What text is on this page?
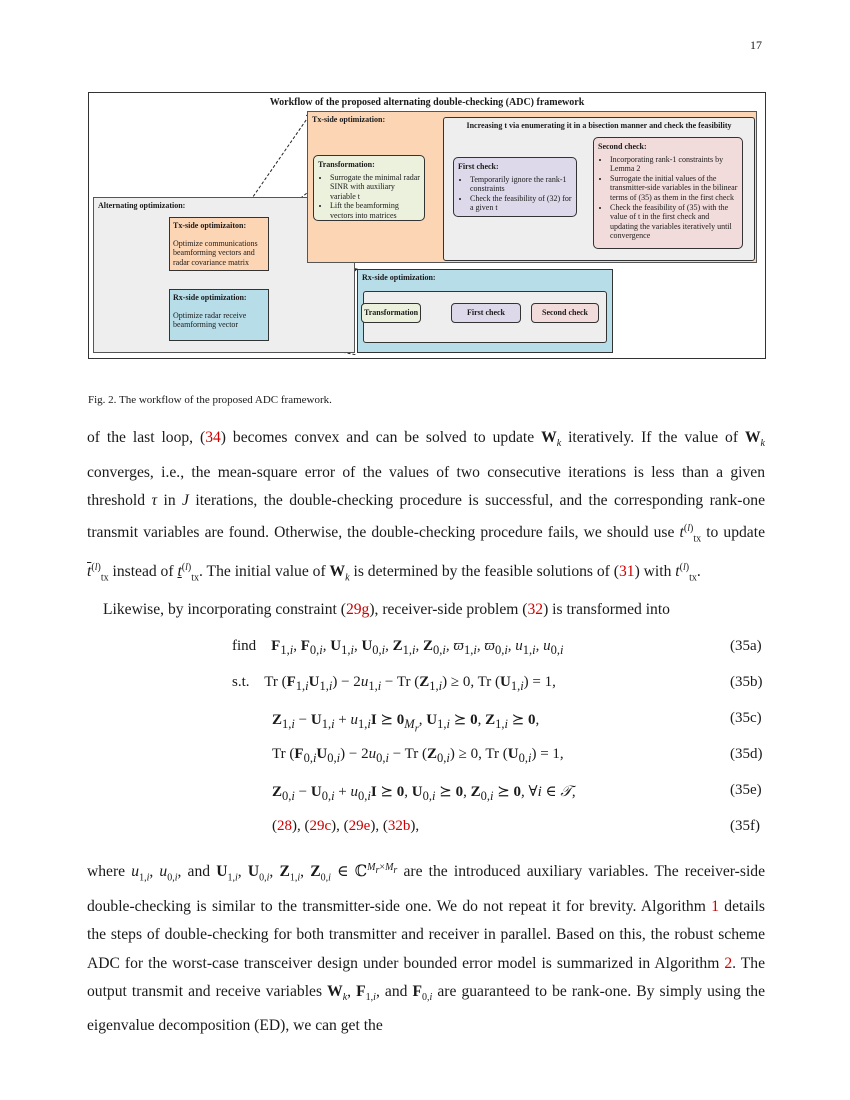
17
Workflow of the proposed alternating double-checking (ADC) framework
Alternating optimization:
Tx-side optimizaiton:
Optimize communications beamforming vectors and radar covariance matrix
Rx-side optimization:
Optimize radar receive beamforming vector
Tx-side optimization:
Increasing t via enumerating it in a bisection manner and check the feasibility
Transformation:
• Surrogate the minimal radar SINR with auxiliary variable t
• Lift the beamforming vectors into matrices
First check:
• Temporarily ignore the rank-1 constraints
• Check the feasibility of (32) for a given t
Second check:
• Incorporating rank-1 constraints by Lemma 2
• Surrogate the initial values of the transmitter-side variables in the bilinear terms of (35) as them in the first check
• Check the feasibility of (35) with the value of t in the first check and updating the variables iteratively until convergence
Rx-side optimization:
Transformation	First check	Second check
Fig. 2. The workflow of the proposed ADC framework.
of the last loop, (34) becomes convex and can be solved to update $W_k$ iteratively. If the value of $W_k$ converges, i.e., the mean-square error of the values of two consecutive iterations is less than a given threshold τ in J iterations, the double-checking procedure is successful, and the corresponding rank-one transmit variables are found. Otherwise, the double-checking procedure fails, we should use $t^{(l)}_{tx}$ to update $\overline{t}^{(l)}_{tx}$ instead of $t^{(l)}_{tx}$. The initial value of $W_k$ is determined by the feasible solutions of (31) with $t^{(l)}_{tx}$.
Likewise, by incorporating constraint (29g), receiver-side problem (32) is transformed into
find    $F_{1,i}$, $F_{0,i}$, $U_{1,i}$, $U_{0,i}$, $Z_{1,i}$, $Z_{0,i}$, $ϖ_{1,i}$, $ϖ_{0,i}$, $u_{1,i}$, $u_{0,i}$	(35a)
s.t.    Tr $(F_{1,i}U_{1,i}) - 2u_{1,i} - Tr$ $(Z_{1,i}) \ge 0$, Tr $(U_{1,i}) = 1$,	(35b)
$Z_{1,i} - U_{1,i} + u_{1,i}I$ ⪰ $0_{M_r}$, $U_{1,i}$ ⪰ 0, $Z_{1,i}$ ⪰ 0,	(35c)
Tr $(F_{0,i}U_{0,i}) - 2u_{0,i} - Tr$ $(Z_{0,i}) \ge 0$, Tr $(U_{0,i}) = 1$,	(35d)
$Z_{0,i} - U_{0,i} + u_{0,i}I$ ⪰ 0, $U_{0,i}$ ⪰ 0, $Z_{0,i}$ ⪰ 0, ∀i ∈ 𝒯,	(35e)
(28), (29c), (29e), (32b),	(35f)
where $u_{1,i}$, $u_{0,i}$, and $U_{1,i}$, $U_{0,i}$, $Z_{1,i}$, $Z_{0,i}$ ∈ ℂ$^{M_r\times M_r}$ are the introduced auxiliary variables. The receiver-side double-checking is similar to the transmitter-side one. We do not repeat it for brevity. Algorithm 1 details the steps of double-checking for both transmitter and receiver in parallel. Based on this, the robust scheme ADC for the worst-case transceiver design under bounded error model is summarized in Algorithm 2. The output transmit and receive variables $W_k$, $F_{1,i}$, and $F_{0,i}$ are guaranteed to be rank-one. By simply using the eigenvalue decomposition (ED), we can get the
